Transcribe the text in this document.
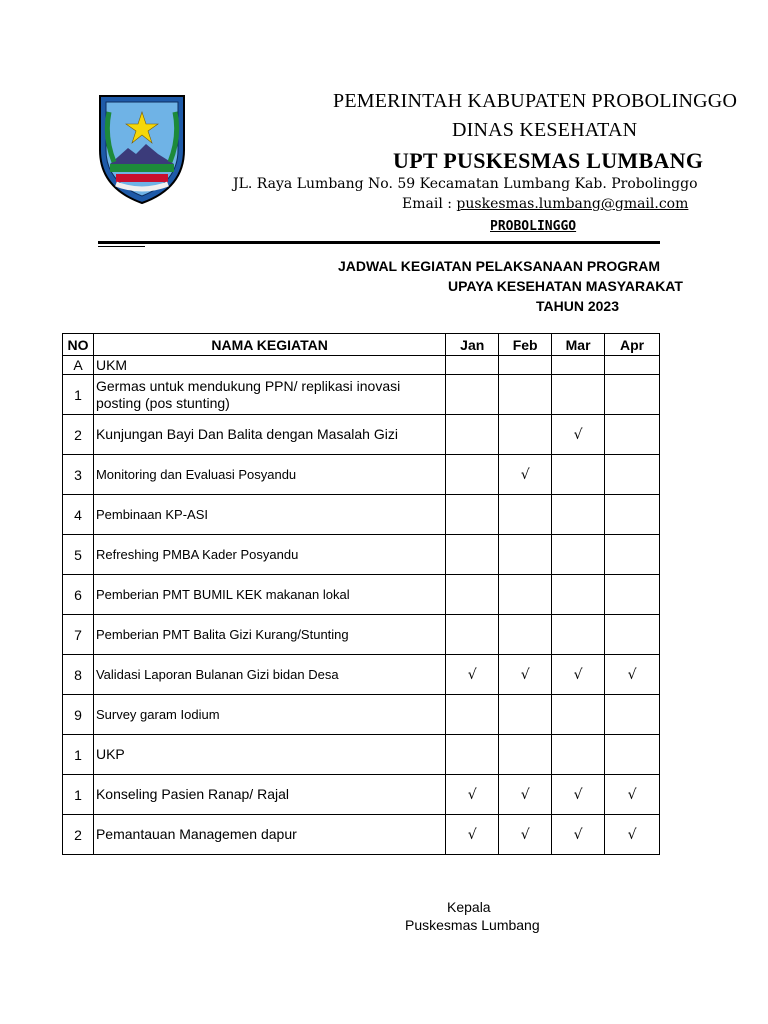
PEMERINTAH KABUPATEN PROBOLINGGO
DINAS KESEHATAN
UPT PUSKESMAS LUMBANG
JL. Raya Lumbang No. 59 Kecamatan Lumbang Kab. Probolinggo
Email : puskesmas.lumbang@gmail.com
PROBOLINGGO
JADWAL KEGIATAN PELAKSANAAN PROGRAM
UPAYA KESEHATAN MASYARAKAT
TAHUN 2023
NO	NAMA KEGIATAN	Jan	Feb	Mar	Apr
A	UKM				
1	Germas untuk mendukung PPN/ replikasi inovasi posting (pos stunting)				
2	Kunjungan Bayi Dan Balita dengan Masalah Gizi			√	
3	Monitoring dan Evaluasi Posyandu		√		
4	Pembinaan KP-ASI				
5	Refreshing PMBA Kader Posyandu				
6	Pemberian PMT BUMIL KEK makanan lokal				
7	Pemberian PMT Balita Gizi Kurang/Stunting				
8	Validasi Laporan Bulanan Gizi bidan Desa	√	√	√	√
9	Survey garam Iodium				
1	UKP				
1	Konseling Pasien Ranap/ Rajal	√	√	√	√
2	Pemantauan Managemen dapur	√	√	√	√
Kepala
Puskesmas Lumbang
